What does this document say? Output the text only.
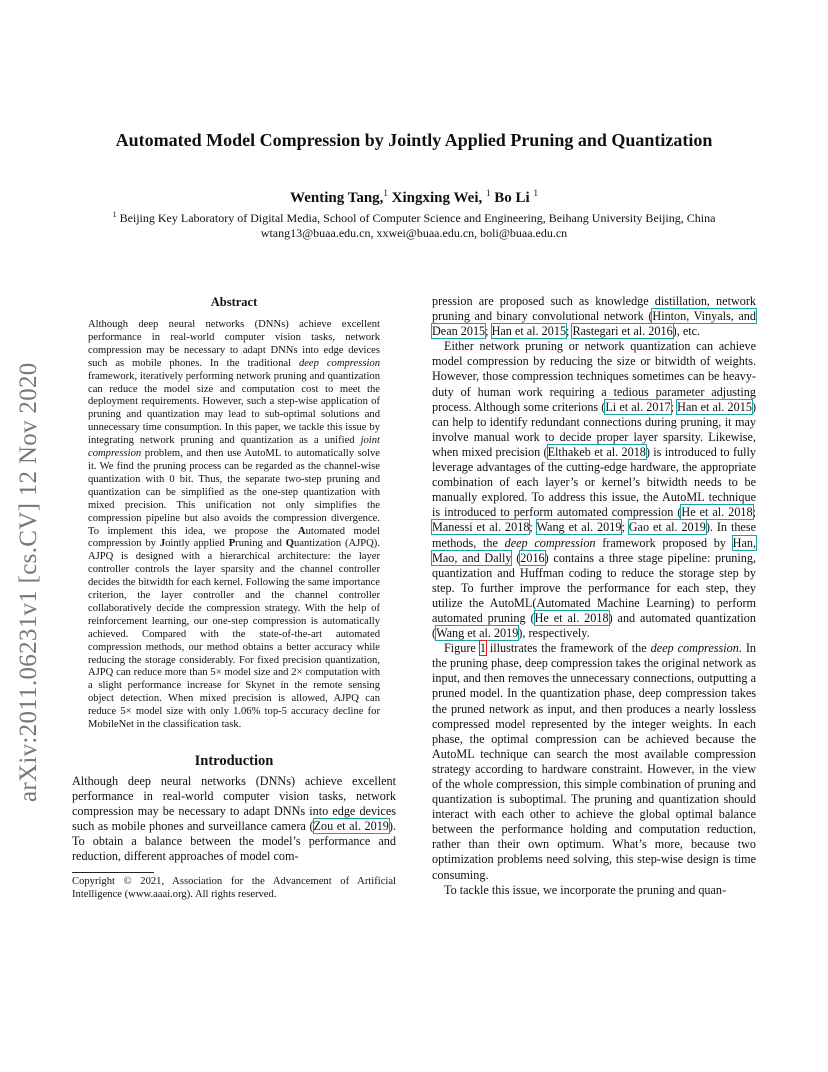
Automated Model Compression by Jointly Applied Pruning and Quantization
Wenting Tang,$^1$ Xingxing Wei, $^1$ Bo Li $^1$
$^1$ Beijing Key Laboratory of Digital Media, School of Computer Science and Engineering, Beihang University Beijing, China
wtang13@buaa.edu.cn, xxwei@buaa.edu.cn, boli@buaa.edu.cn
arXiv:2011.06231v1 [cs.CV] 12 Nov 2020
Abstract
Although deep neural networks (DNNs) achieve excellent performance in real-world computer vision tasks, network compression may be necessary to adapt DNNs into edge devices such as mobile phones. In the traditional deep compression framework, iteratively performing network pruning and quantization can reduce the model size and computation cost to meet the deployment requirements. However, such a step-wise application of pruning and quantization may lead to sub-optimal solutions and unnecessary time consumption. In this paper, we tackle this issue by integrating network pruning and quantization as a unified joint compression problem, and then use AutoML to automatically solve it. We find the pruning process can be regarded as the channel-wise quantization with 0 bit. Thus, the separate two-step pruning and quantization can be simplified as the one-step quantization with mixed precision. This unification not only simplifies the compression pipeline but also avoids the compression divergence. To implement this idea, we propose the Automated model compression by Jointly applied Pruning and Quantization (AJPQ). AJPQ is designed with a hierarchical architecture: the layer controller controls the layer sparsity and the channel controller decides the bitwidth for each kernel. Following the same importance criterion, the layer controller and the channel controller collaboratively decide the compression strategy. With the help of reinforcement learning, our one-step compression is automatically achieved. Compared with the state-of-the-art automated compression methods, our method obtains a better accuracy while reducing the storage considerably. For fixed precision quantization, AJPQ can reduce more than 5× model size and 2× computation with a slight performance increase for Skynet in the remote sensing object detection. When mixed precision is allowed, AJPQ can reduce 5× model size with only 1.06% top-5 accuracy decline for MobileNet in the classification task.
Introduction

Although deep neural networks (DNNs) achieve excellent performance in real-world computer vision tasks, network compression may be necessary to adapt DNNs into edge devices such as mobile phones and surveillance camera (Zou et al. 2019). To obtain a balance between the model’s performance and reduction, different approaches of model com-

Copyright © 2021, Association for the Advancement of Artificial Intelligence (www.aaai.org). All rights reserved.

pression are proposed such as knowledge distillation, network pruning and binary convolutional network (Hinton, Vinyals, and Dean 2015; Han et al. 2015; Rastegari et al. 2016), etc.

Either network pruning or network quantization can achieve model compression by reducing the size or bitwidth of weights. However, those compression techniques sometimes can be heavy-duty of human work requiring a tedious parameter adjusting process. Although some criterions (Li et al. 2017; Han et al. 2015) can help to identify redundant connections during pruning, it may involve manual work to decide proper layer sparsity. Likewise, when mixed precision (Elthakeb et al. 2018) is introduced to fully leverage advantages of the cutting-edge hardware, the appropriate combination of each layer’s or kernel’s bitwidth needs to be manually explored. To address this issue, the AutoML technique is introduced to perform automated compression (He et al. 2018; Manessi et al. 2018; Wang et al. 2019; Gao et al. 2019). In these methods, the deep compression framework proposed by Han, Mao, and Dally (2016) contains a three stage pipeline: pruning, quantization and Huffman coding to reduce the storage step by step. To further improve the performance for each step, they utilize the AutoML(Automated Machine Learning) to perform automated pruning (He et al. 2018) and automated quantization (Wang et al. 2019), respectively.

Figure 1 illustrates the framework of the deep compression. In the pruning phase, deep compression takes the original network as input, and then removes the unnecessary connections, outputting a pruned model. In the quantization phase, deep compression takes the pruned network as input, and then produces a nearly lossless compressed model represented by the integer weights. In each phase, the optimal compression can be achieved because the AutoML technique can search the most available compression strategy according to hardware constraint. However, in the view of the whole compression, this simple combination of pruning and quantization is suboptimal. The pruning and quantization should interact with each other to achieve the global optimal balance between the performance holding and computation reduction, rather than their own optimum. What’s more, because two optimization problems need solving, this step-wise design is time consuming.

To tackle this issue, we incorporate the pruning and quan-
